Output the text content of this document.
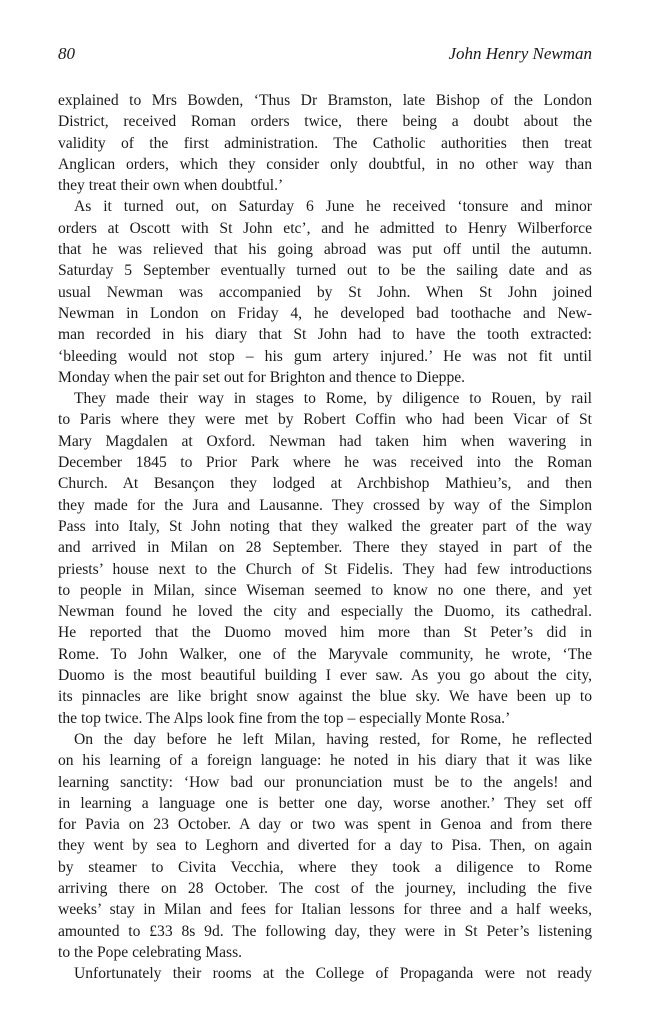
80	John Henry Newman
explained to Mrs Bowden, ‘Thus Dr Bramston, late Bishop of the London
District, received Roman orders twice, there being a doubt about the
validity of the first administration. The Catholic authorities then treat
Anglican orders, which they consider only doubtful, in no other way than
they treat their own when doubtful.’
As it turned out, on Saturday 6 June he received ‘tonsure and minor
orders at Oscott with St John etc’, and he admitted to Henry Wilberforce
that he was relieved that his going abroad was put off until the autumn.
Saturday 5 September eventually turned out to be the sailing date and as
usual Newman was accompanied by St John. When St John joined
Newman in London on Friday 4, he developed bad toothache and New-
man recorded in his diary that St John had to have the tooth extracted:
‘bleeding would not stop – his gum artery injured.’ He was not fit until
Monday when the pair set out for Brighton and thence to Dieppe.
They made their way in stages to Rome, by diligence to Rouen, by rail
to Paris where they were met by Robert Coffin who had been Vicar of St
Mary Magdalen at Oxford. Newman had taken him when wavering in
December 1845 to Prior Park where he was received into the Roman
Church. At Besançon they lodged at Archbishop Mathieu’s, and then
they made for the Jura and Lausanne. They crossed by way of the Simplon
Pass into Italy, St John noting that they walked the greater part of the way
and arrived in Milan on 28 September. There they stayed in part of the
priests’ house next to the Church of St Fidelis. They had few introductions
to people in Milan, since Wiseman seemed to know no one there, and yet
Newman found he loved the city and especially the Duomo, its cathedral.
He reported that the Duomo moved him more than St Peter’s did in
Rome. To John Walker, one of the Maryvale community, he wrote, ‘The
Duomo is the most beautiful building I ever saw. As you go about the city,
its pinnacles are like bright snow against the blue sky. We have been up to
the top twice. The Alps look fine from the top – especially Monte Rosa.’
On the day before he left Milan, having rested, for Rome, he reflected
on his learning of a foreign language: he noted in his diary that it was like
learning sanctity: ‘How bad our pronunciation must be to the angels! and
in learning a language one is better one day, worse another.’ They set off
for Pavia on 23 October. A day or two was spent in Genoa and from there
they went by sea to Leghorn and diverted for a day to Pisa. Then, on again
by steamer to Civita Vecchia, where they took a diligence to Rome
arriving there on 28 October. The cost of the journey, including the five
weeks’ stay in Milan and fees for Italian lessons for three and a half weeks,
amounted to £33 8s 9d. The following day, they were in St Peter’s listening
to the Pope celebrating Mass.
Unfortunately their rooms at the College of Propaganda were not ready
